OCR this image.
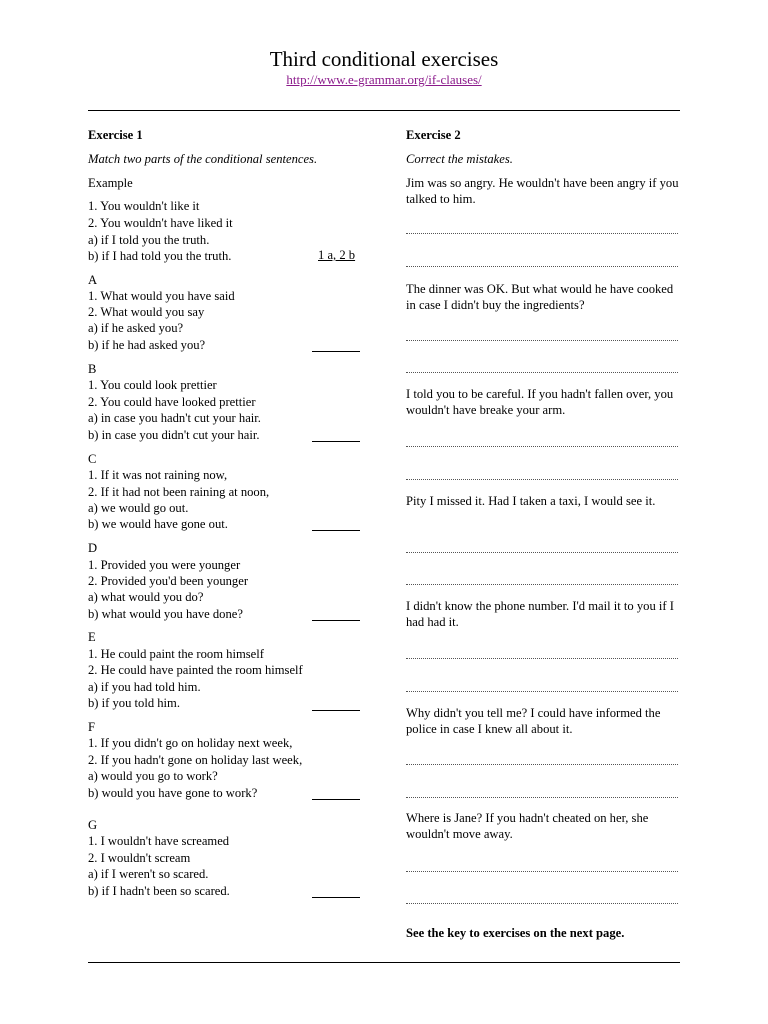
Third conditional exercises
http://www.e-grammar.org/if-clauses/
Exercise 1
Match two parts of the conditional sentences.
Example
1. You wouldn't like it
2. You wouldn't have liked it
a) if I told you the truth.
b) if I had told you the truth.	1 a, 2 b
A
1. What would you have said
2. What would you say
a) if he asked you?
b) if he had asked you?
B
1. You could look prettier
2. You could have looked prettier
a) in case you hadn't cut your hair.
b) in case you didn't cut your hair.
C
1. If it was not raining now,
2. If it had not been raining at noon,
a) we would go out.
b) we would have gone out.
D
1. Provided you were younger
2. Provided you'd been younger
a) what would you do?
b) what would you have done?
E
1. He could paint the room himself
2. He could have painted the room himself
a) if you had told him.
b) if you told him.
F
1. If you didn't go on holiday next week,
2. If you hadn't gone on holiday last week,
a) would you go to work?
b) would you have gone to work?
G
1. I wouldn't have screamed
2. I wouldn't scream
a) if I weren't so scared.
b) if I hadn't been so scared.
Exercise 2
Correct the mistakes.
Jim was so angry. He wouldn't have been angry if you talked to him.
The dinner was OK. But what would he have cooked in case I didn't buy the ingredients?
I told you to be careful. If you hadn't fallen over, you wouldn't have breake your arm.
Pity I missed it. Had I taken a taxi, I would see it.
I didn't know the phone number. I'd mail it to you if I had had it.
Why didn't you tell me? I could have informed the police in case I knew all about it.
Where is Jane? If you hadn't cheated on her, she wouldn't move away.
See the key to exercises on the next page.
